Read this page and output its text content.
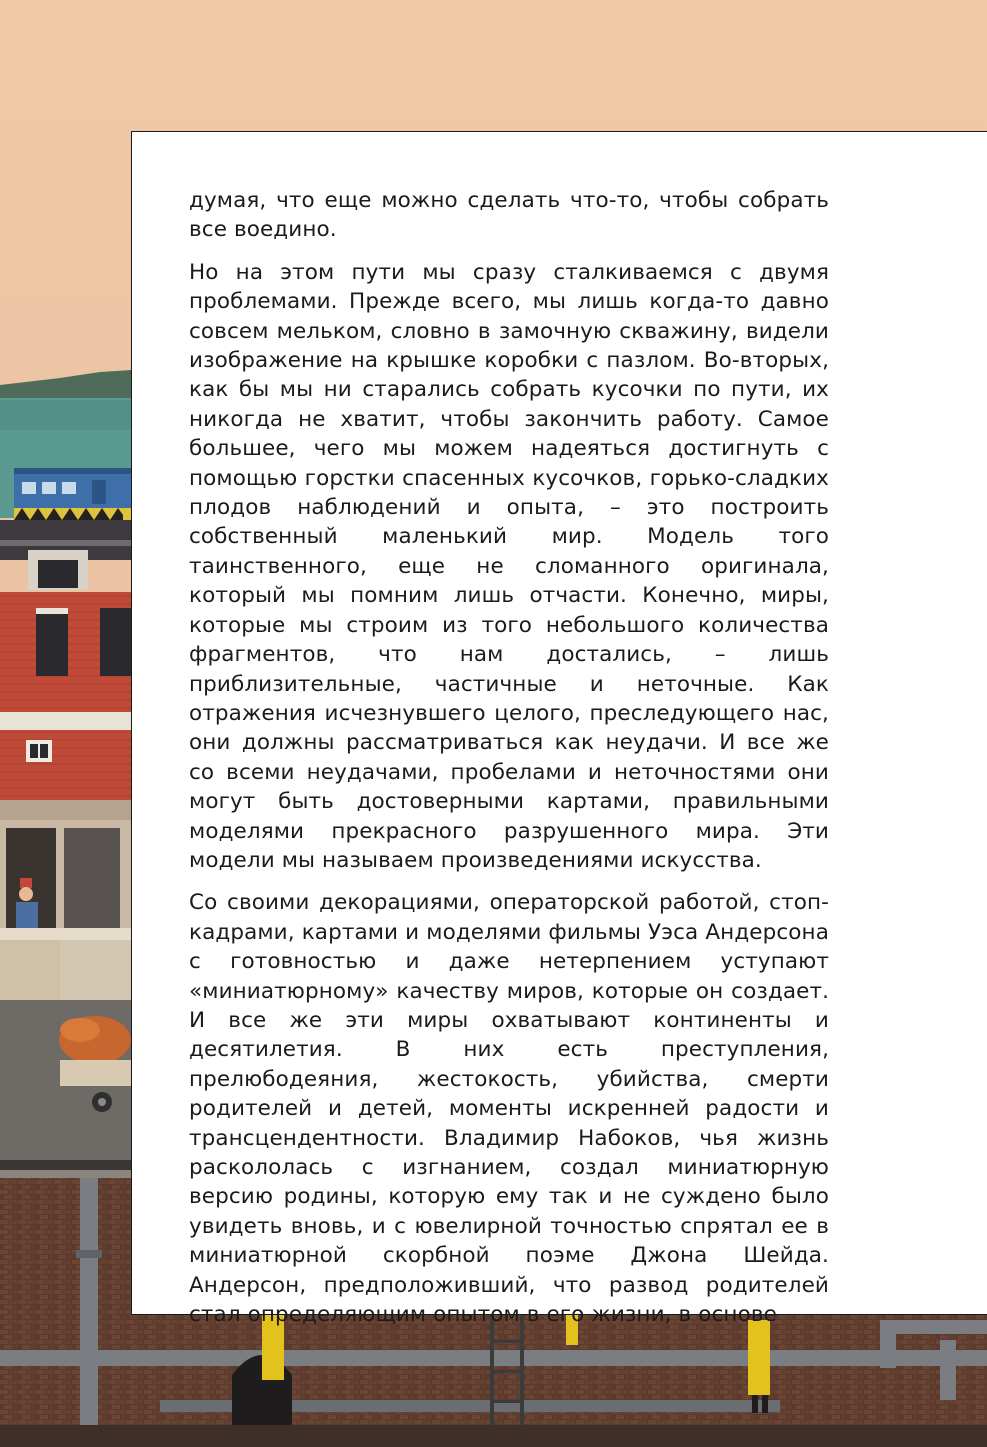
думая, что еще можно сделать что-то, чтобы собрать все воедино.

Но на этом пути мы сразу сталкиваемся с двумя проблемами. Прежде всего, мы лишь когда-то давно совсем мельком, словно в замочную скважину, видели изображение на крышке коробки с пазлом. Во-вторых, как бы мы ни старались собрать кусочки по пути, их никогда не хватит, чтобы закончить работу. Самое большее, чего мы можем надеяться достигнуть с помощью горстки спасенных кусочков, горько-сладких плодов наблюдений и опыта, – это построить собственный маленький мир. Модель того таинственного, еще не сломанного оригинала, который мы помним лишь отчасти. Конечно, миры, которые мы строим из того небольшого количества фрагментов, что нам достались, – лишь приблизительные, частичные и неточные. Как отражения исчезнувшего целого, преследующего нас, они должны рассматриваться как неудачи. И все же со всеми неудачами, пробелами и неточностями они могут быть достоверными картами, правильными моделями прекрасного разрушенного мира. Эти модели мы называем произведениями искусства.

Со своими декорациями, операторской работой, стоп-кадрами, картами и моделями фильмы Уэса Андерсона с готовностью и даже нетерпением уступают «миниатюрному» качеству миров, которые он создает. И все же эти миры охватывают континенты и десятилетия. В них есть преступления, прелюбодеяния, жестокость, убийства, смерти родителей и детей, моменты искренней радости и трансцендентности. Владимир Набоков, чья жизнь раскололась с изгнанием, создал миниатюрную версию родины, которую ему так и не суждено было увидеть вновь, и с ювелирной точностью спрятал ее в миниатюрной скорбной поэме Джона Шейда. Андерсон, предположивший, что развод родителей стал определяющим опытом в его жизни, в основе
